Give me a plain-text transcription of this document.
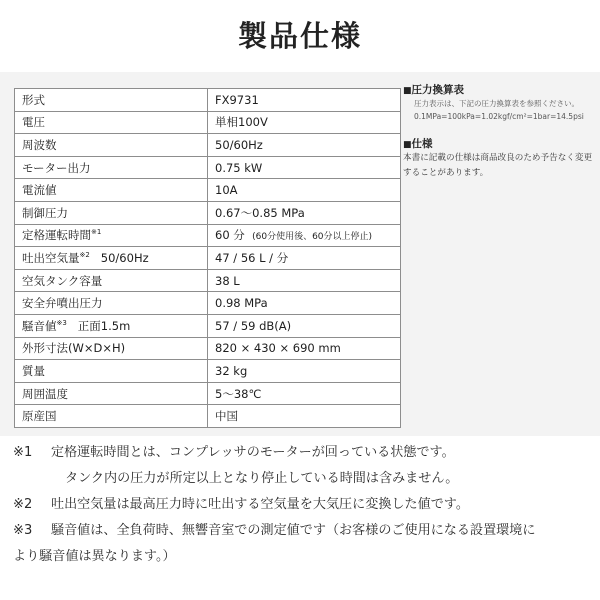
製品仕様
形式	FX9731
電圧	単相100V
周波数	50/60Hz
モーター出力	0.75 kW
電流値	10A
制御圧力	0.67〜0.85 MPa
定格運転時間$^{※1}$	60 分 (60分使用後、60分以上停止)
吐出空気量$^{※2}$ 50/60Hz	47 / 56 L / 分
空気タンク容量	38 L
安全弁噴出圧力	0.98 MPa
騒音値$^{※3}$ 正面1.5m	57 / 59 dB(A)
外形寸法(W×D×H)	820 × 430 × 690 mm
質量	32 kg
周囲温度	5〜38℃
原産国	中国
■圧力換算表
圧力表示は、下記の圧力換算表を参照ください。
0.1MPa=100kPa=1.02kgf/cm²=1bar=14.5psi
■仕様
本書に記載の仕様は商品改良のため予告なく変更することがあります。
※1	定格運転時間とは、コンプレッサのモーターが回っている状態です。
タンク内の圧力が所定以上となり停止している時間は含みません。
※2	吐出空気量は最高圧力時に吐出する空気量を大気圧に変換した値です。
※3	騒音値は、全負荷時、無響音室での測定値です（お客様のご使用になる設置環境に
より騒音値は異なります。）
